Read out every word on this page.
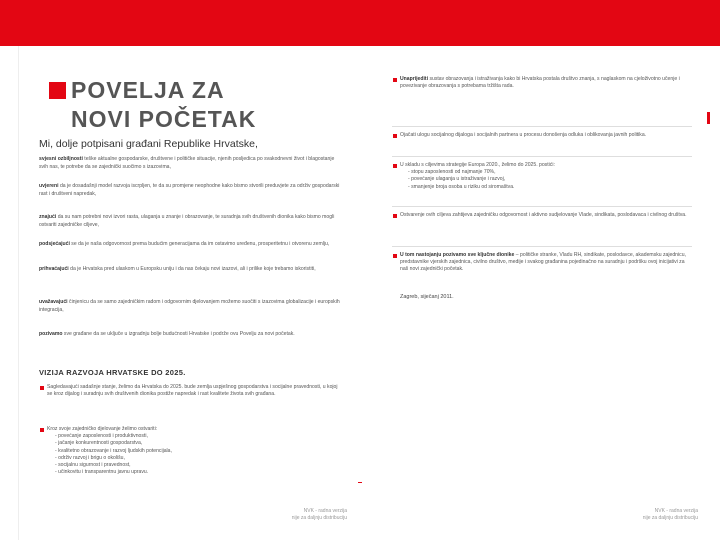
POVELJA ZA
NOVI POČETAK
Mi, dolje potpisani građani Republike Hrvatske,

svjesni ozbiljnosti teške aktualne gospodarske, društvene i političke situacije, njenih posljedica po svakodnevni život i blagostanje svih nas, te potrebe da se zajednički suočimo s izazovima,

uvjereni da je dosadašnji model razvoja iscrpljen, te da su promjene neophodne kako bismo stvorili preduvjete za održiv gospodarski rast i društveni napredak,

znajući da su nam potrebni novi izvori rasta, ulaganja u znanje i obrazovanje, te suradnja svih društvenih dionika kako bismo mogli ostvariti zajedničke ciljeve,

podsjećajući se da je naša odgovornost prema budućim generacijama da im ostavimo uređenu, prosperitetnu i otvorenu zemlju,

prihvaćajući da je Hrvatska pred ulaskom u Europsku uniju i da nas čekaju novi izazovi, ali i prilike koje trebamo iskoristiti,

uvažavajući činjenicu da se samo zajedničkim radom i odgovornim djelovanjem možemo suočiti s izazovima globalizacije i europskih integracija,

pozivamo sve građane da se uključe u izgradnju bolje budućnosti Hrvatske i podrže ovu Povelju za novi početak.

VIZIJA RAZVOJA HRVATSKE DO 2025.
Sagledavajući sadašnje stanje, želimo da Hrvatska do 2025. bude zemlja uspješnog gospodarstva i socijalne pravednosti, u kojoj se kroz dijalog i suradnju svih društvenih dionika postiže napredak i rast kvalitete života svih građana.
Kroz svoje zajedničko djelovanje želimo ostvariti:
- povećanje zaposlenosti i produktivnosti,
- jačanje konkurentnosti gospodarstva,
- kvalitetno obrazovanje i razvoj ljudskih potencijala,
- održiv razvoj i brigu o okolišu,
- socijalnu sigurnost i pravednost,
- učinkovitu i transparentnu javnu upravu.
NVK - radna verzija
nije za daljnju distribuciju
Unaprijediti sustav obrazovanja i istraživanja kako bi Hrvatska postala društvo znanja, s naglaskom na cjeloživotno učenje i povezivanje obrazovanja s potrebama tržišta rada.
Ojačati ulogu socijalnog dijaloga i socijalnih partnera u procesu donošenja odluka i oblikovanja javnih politika.
U skladu s ciljevima strategije Europa 2020., želimo do 2025. postići:
- stopu zaposlenosti od najmanje 70%,
- povećanje ulaganja u istraživanje i razvoj,
- smanjenje broja osoba u riziku od siromaštva.
Ostvarenje ovih ciljeva zahtijeva zajedničku odgovornost i aktivno sudjelovanje Vlade, sindikata, poslodavaca i civilnog društva.
U tom nastojanju pozivamo sve ključne dionike – političke stranke, Vladu RH, sindikate, poslodavce, akademsku zajednicu, predstavnike vjerskih zajednica, civilno društvo, medije i svakog građanina pojedinačno na suradnju i podršku ovoj inicijativi za naš novi zajednički početak.
Zagreb, siječanj 2011.
NVK - radna verzija
nije za daljnju distribuciju
